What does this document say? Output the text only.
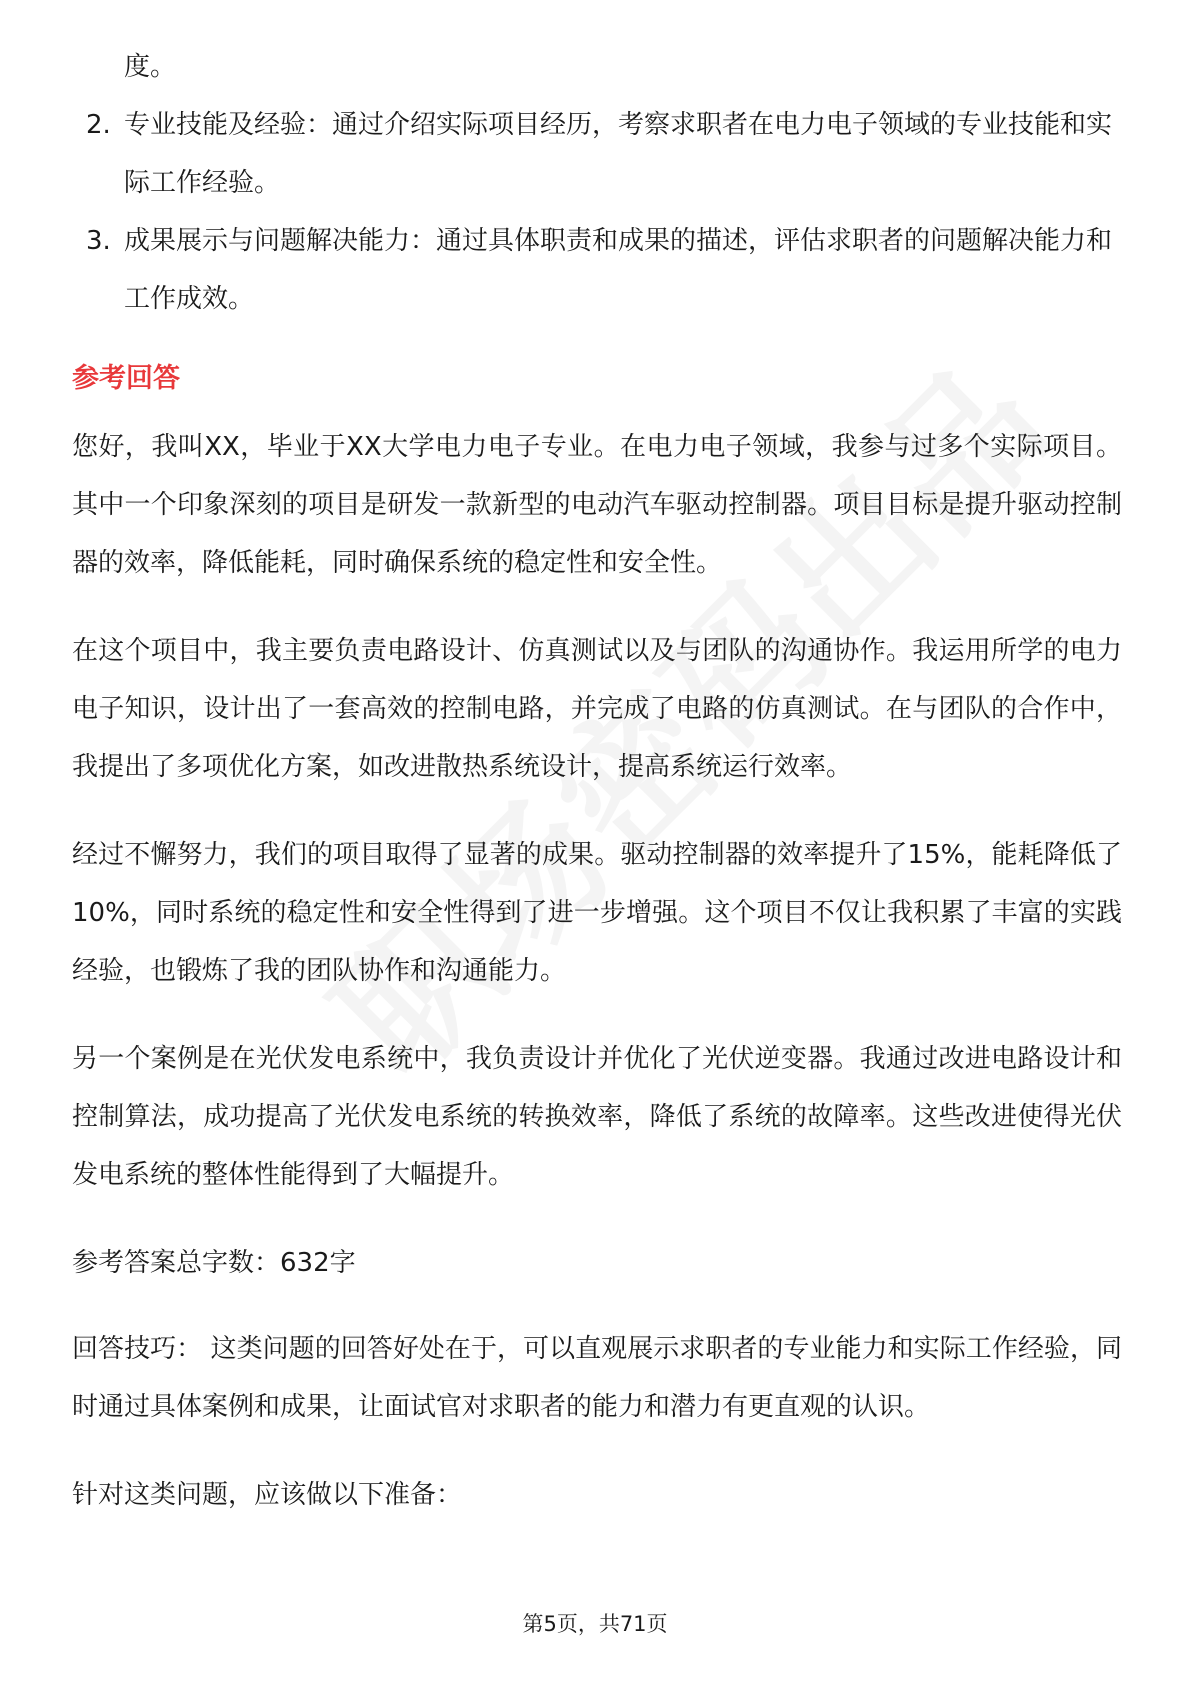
度。
2. 专业技能及经验：通过介绍实际项目经历，考察求职者在电力电子领域的专业技能和实际工作经验。
3. 成果展示与问题解决能力：通过具体职责和成果的描述，评估求职者的问题解决能力和工作成效。
参考回答

您好，我叫XX，毕业于XX大学电力电子专业。在电力电子领域，我参与过多个实际项目。其中一个印象深刻的项目是研发一款新型的电动汽车驱动控制器。项目目标是提升驱动控制器的效率，降低能耗，同时确保系统的稳定性和安全性。

在这个项目中，我主要负责电路设计、仿真测试以及与团队的沟通协作。我运用所学的电力电子知识，设计出了一套高效的控制电路，并完成了电路的仿真测试。在与团队的合作中，我提出了多项优化方案，如改进散热系统设计，提高系统运行效率。

经过不懈努力，我们的项目取得了显著的成果。驱动控制器的效率提升了15%，能耗降低了10%，同时系统的稳定性和安全性得到了进一步增强。这个项目不仅让我积累了丰富的实践经验，也锻炼了我的团队协作和沟通能力。

另一个案例是在光伏发电系统中，我负责设计并优化了光伏逆变器。我通过改进电路设计和控制算法，成功提高了光伏发电系统的转换效率，降低了系统的故障率。这些改进使得光伏发电系统的整体性能得到了大幅提升。

参考答案总字数：632字

回答技巧： 这类问题的回答好处在于，可以直观展示求职者的专业能力和实际工作经验，同时通过具体案例和成果，让面试官对求职者的能力和潜力有更直观的认识。

针对这类问题，应该做以下准备：

第5页，共71页
